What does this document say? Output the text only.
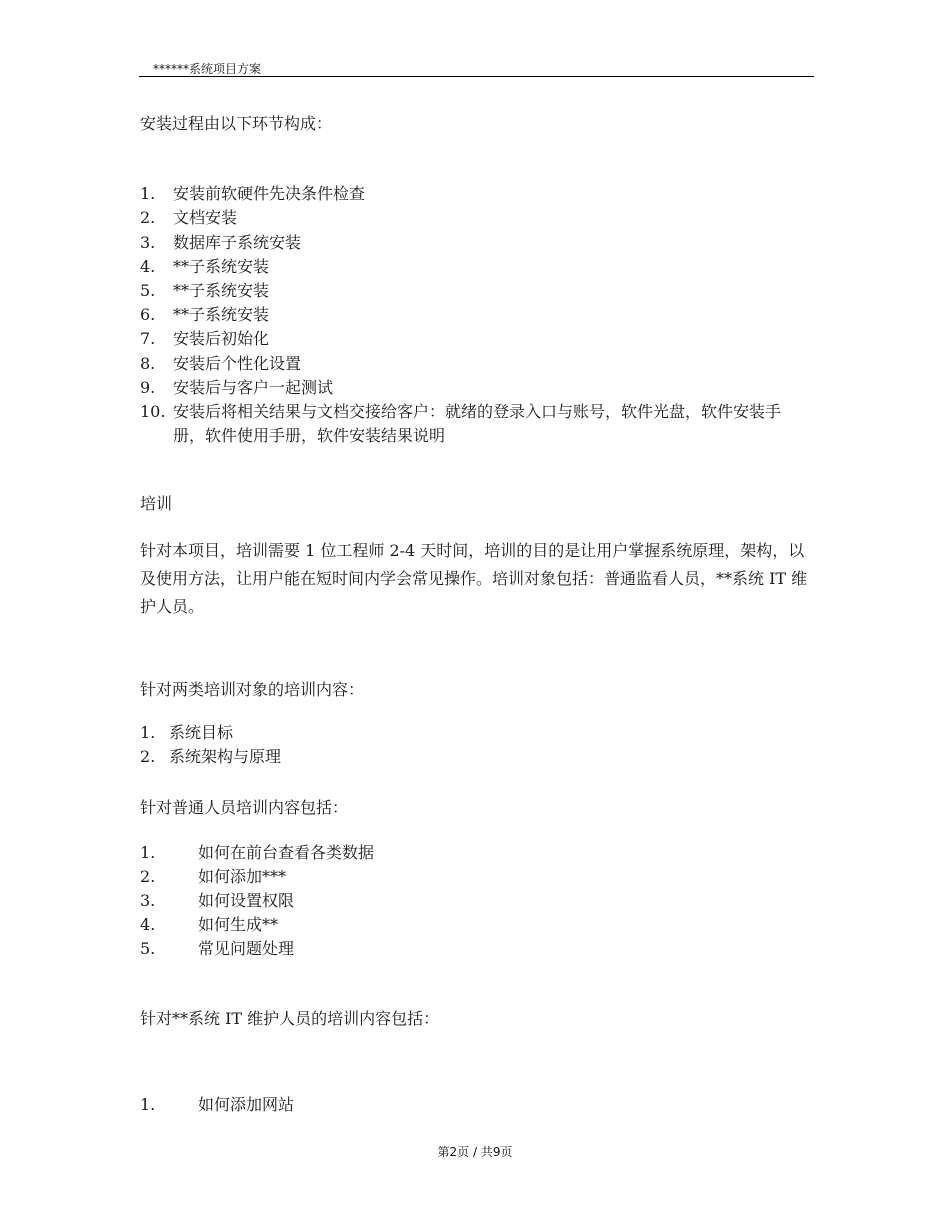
******系统项目方案
安装过程由以下环节构成：
1. 安装前软硬件先决条件检查
2. 文档安装
3. 数据库子系统安装
4. **子系统安装
5. **子系统安装
6. **子系统安装
7. 安装后初始化
8. 安装后个性化设置
9. 安装后与客户一起测试
10. 安装后将相关结果与文档交接给客户：就绪的登录入口与账号，软件光盘，软件安装手册，软件使用手册，软件安装结果说明
培训
针对本项目，培训需要 1 位工程师 2-4 天时间，培训的目的是让用户掌握系统原理，架构，以及使用方法，让用户能在短时间内学会常见操作。培训对象包括：普通监看人员，**系统 IT 维护人员。
针对两类培训对象的培训内容：
1. 系统目标
2. 系统架构与原理
针对普通人员培训内容包括：
1.	如何在前台查看各类数据
2.	如何添加***
3.	如何设置权限
4.	如何生成**
5.	常见问题处理
针对**系统 IT 维护人员的培训内容包括：
1.	如何添加网站
第2页 / 共9页
